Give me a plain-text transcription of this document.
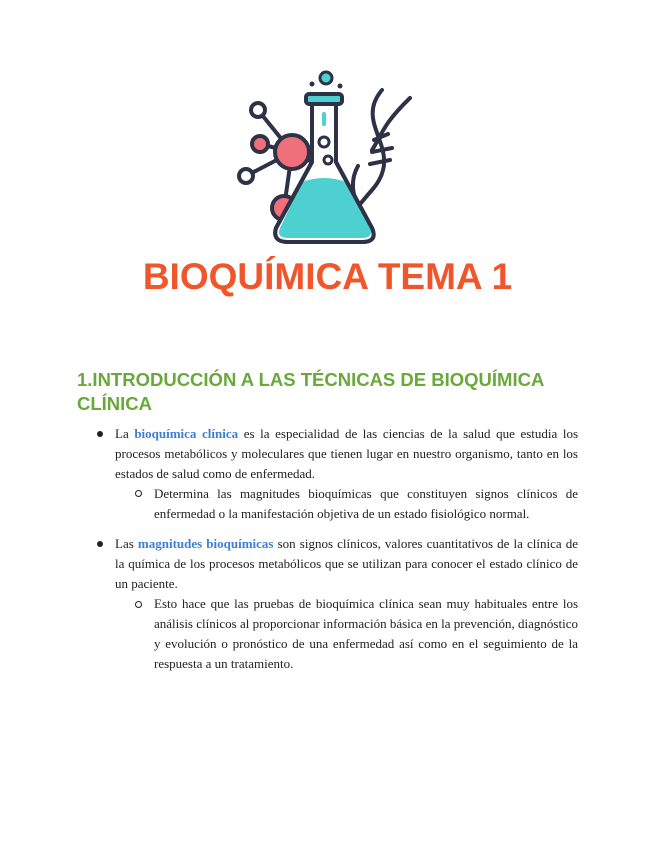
BIOQUÍMICA TEMA 1
1.INTRODUCCIÓN A LAS TÉCNICAS DE BIOQUÍMICA CLÍNICA

La bioquímica clínica es la especialidad de las ciencias de la salud que estudia los procesos metabólicos y moleculares que tienen lugar en nuestro organismo, tanto en los estados de salud como de enfermedad.

Determina las magnitudes bioquímicas que constituyen signos clínicos de enfermedad o la manifestación objetiva de un estado fisiológico normal.

Las magnitudes bioquímicas son signos clínicos, valores cuantitativos de la clínica de la química de los procesos metabólicos que se utilizan para conocer el estado clínico de un paciente.

Esto hace que las pruebas de bioquímica clínica sean muy habituales entre los análisis clínicos al proporcionar información básica en la prevención, diagnóstico y evolución o pronóstico de una enfermedad así como en el seguimiento de la respuesta a un tratamiento.
